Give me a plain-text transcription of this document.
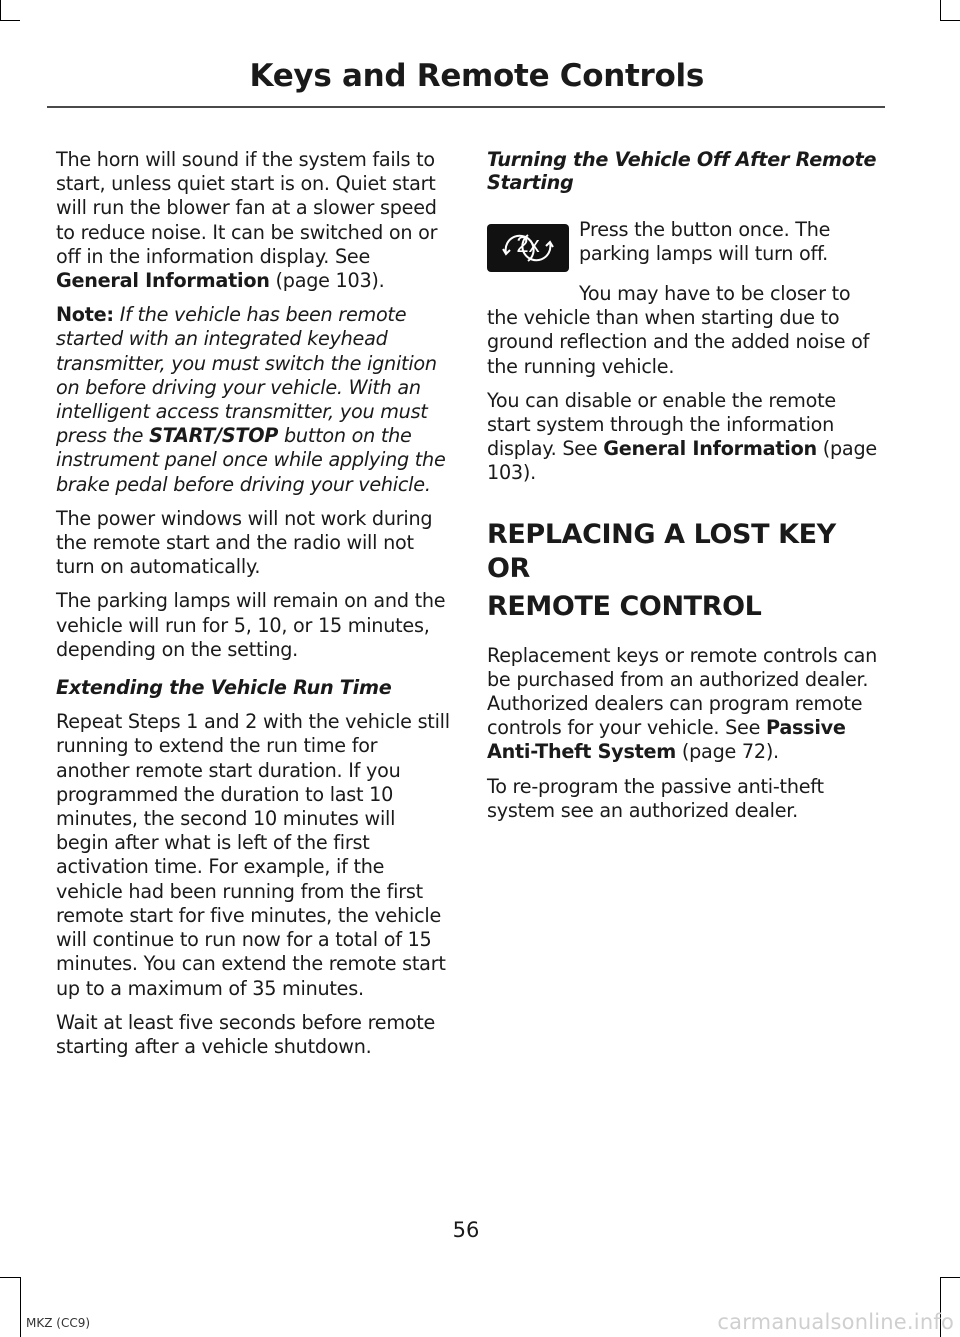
Keys and Remote Controls

The horn will sound if the system fails to start, unless quiet start is on. Quiet start will run the blower fan at a slower speed to reduce noise. It can be switched on or off in the information display. See General Information (page 103).

Note: If the vehicle has been remote started with an integrated keyhead transmitter, you must switch the ignition on before driving your vehicle. With an intelligent access transmitter, you must press the START/STOP button on the instrument panel once while applying the brake pedal before driving your vehicle.

The power windows will not work during the remote start and the radio will not turn on automatically.

The parking lamps will remain on and the vehicle will run for 5, 10, or 15 minutes, depending on the setting.

Extending the Vehicle Run Time

Repeat Steps 1 and 2 with the vehicle still running to extend the run time for another remote start duration. If you programmed the duration to last 10 minutes, the second 10 minutes will begin after what is left of the first activation time. For example, if the vehicle had been running from the first remote start for five minutes, the vehicle will continue to run now for a total of 15 minutes. You can extend the remote start up to a maximum of 35 minutes.

Wait at least five seconds before remote starting after a vehicle shutdown.

Turning the Vehicle Off After Remote Starting

2x

Press the button once. The parking lamps will turn off.

You may have to be closer to the vehicle than when starting due to ground reflection and the added noise of the running vehicle.

You can disable or enable the remote start system through the information display. See General Information (page 103).

REPLACING A LOST KEY OR
REMOTE CONTROL

Replacement keys or remote controls can be purchased from an authorized dealer. Authorized dealers can program remote controls for your vehicle. See Passive Anti-Theft System (page 72).

To re-program the passive anti-theft system see an authorized dealer.

56
MKZ (CC9)	carmanualsonline.info
